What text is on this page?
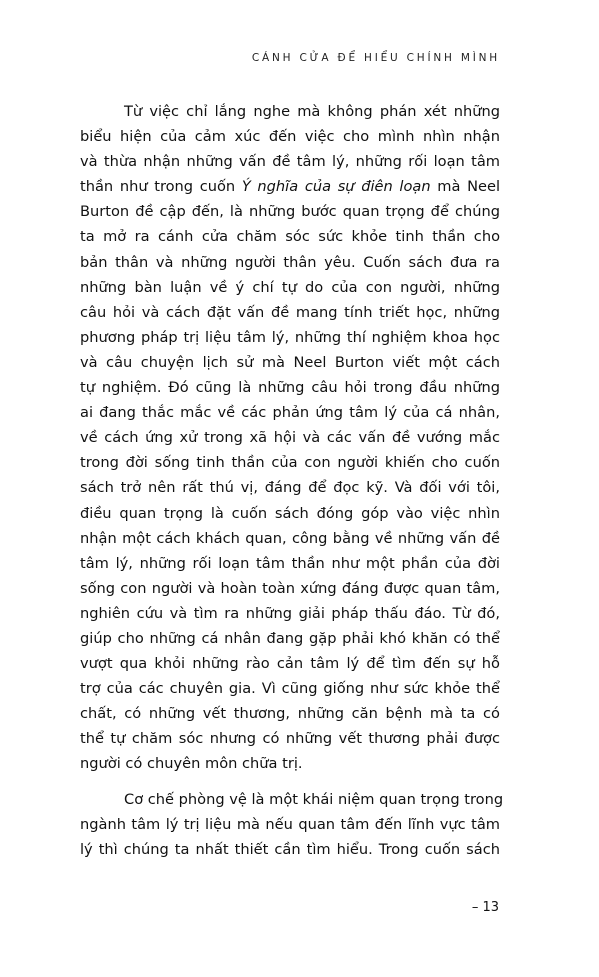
CÁNH CỬA ĐỂ HIỂU CHÍNH MÌNH
Từ việc chỉ lắng nghe mà không phán xét những
biểu hiện của cảm xúc đến việc cho mình nhìn nhận
và thừa nhận những vấn đề tâm lý, những rối loạn tâm
thần như trong cuốn Ý nghĩa của sự điên loạn mà Neel
Burton đề cập đến, là những bước quan trọng để chúng
ta mở ra cánh cửa chăm sóc sức khỏe tinh thần cho
bản thân và những người thân yêu. Cuốn sách đưa ra
những bàn luận về ý chí tự do của con người, những
câu hỏi và cách đặt vấn đề mang tính triết học, những
phương pháp trị liệu tâm lý, những thí nghiệm khoa học
và câu chuyện lịch sử mà Neel Burton viết một cách
tự nghiệm. Đó cũng là những câu hỏi trong đầu những
ai đang thắc mắc về các phản ứng tâm lý của cá nhân,
về cách ứng xử trong xã hội và các vấn đề vướng mắc
trong đời sống tinh thần của con người khiến cho cuốn
sách trở nên rất thú vị, đáng để đọc kỹ. Và đối với tôi,
điều quan trọng là cuốn sách đóng góp vào việc nhìn
nhận một cách khách quan, công bằng về những vấn đề
tâm lý, những rối loạn tâm thần như một phần của đời
sống con người và hoàn toàn xứng đáng được quan tâm,
nghiên cứu và tìm ra những giải pháp thấu đáo. Từ đó,
giúp cho những cá nhân đang gặp phải khó khăn có thể
vượt qua khỏi những rào cản tâm lý để tìm đến sự hỗ
trợ của các chuyên gia. Vì cũng giống như sức khỏe thể
chất, có những vết thương, những căn bệnh mà ta có
thể tự chăm sóc nhưng có những vết thương phải được
người có chuyên môn chữa trị.
Cơ chế phòng vệ là một khái niệm quan trọng trong
ngành tâm lý trị liệu mà nếu quan tâm đến lĩnh vực tâm
lý thì chúng ta nhất thiết cần tìm hiểu. Trong cuốn sách
– 13
